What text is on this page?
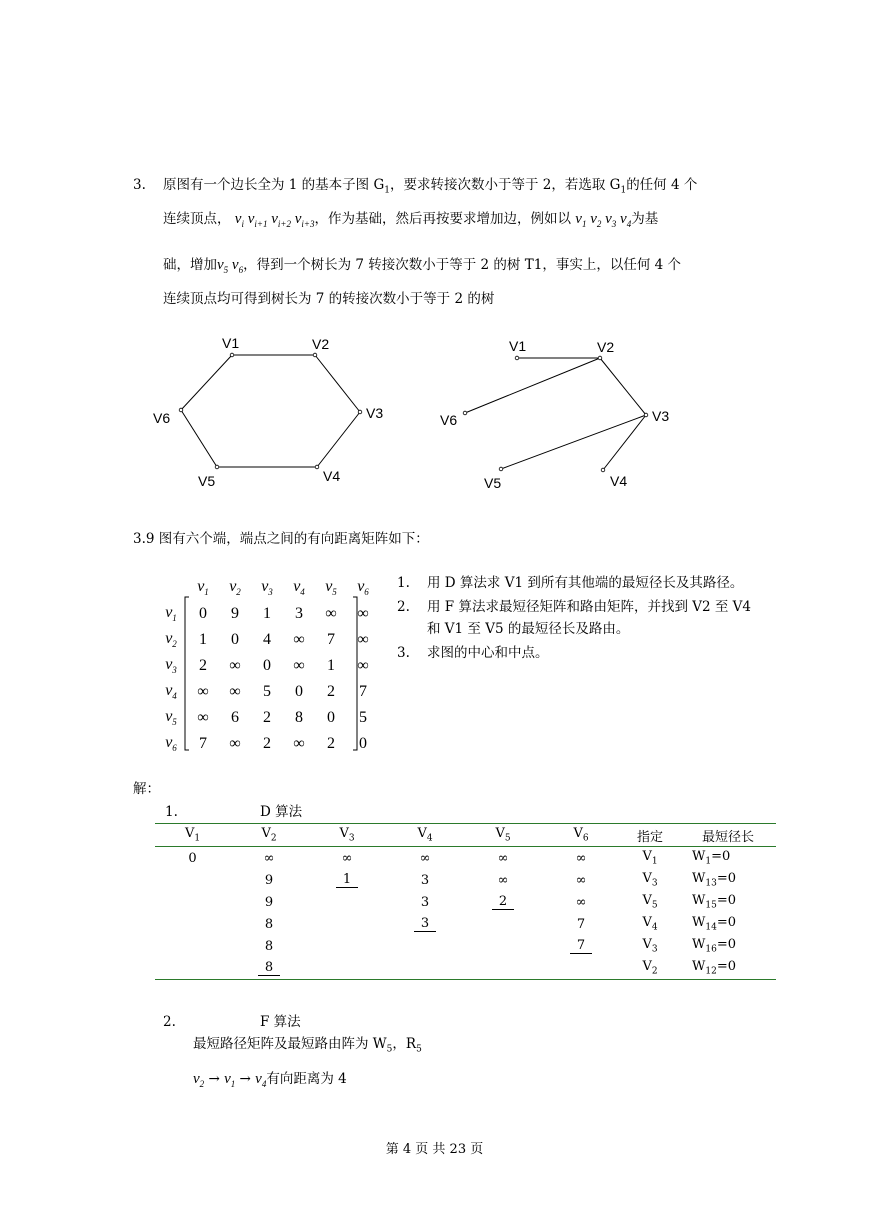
3. 原图有一个边长全为 1 的基本子图 $G_1$，要求转接次数小于等于 2，若选取 $G_1$的任何 4 个
连续顶点， $v_i$ $v_{i+1}$ $v_{i+2}$ $v_{i+3}$，作为基础，然后再按要求增加边，例如以 $v_1$ $v_2$ $v_3$ $v_4$为基
础，增加$v_5$ $v_6$，得到一个树长为 7 转接次数小于等于 2 的树 T1，事实上，以任何 4 个
连续顶点均可得到树长为 7 的转接次数小于等于 2 的树
V1	V2
V3
V4
V5
V6
V1	V2
V3
V4
V5
V6
3.9 图有六个端，端点之间的有向距离矩阵如下：
	$v_1$	$v_2$	$v_3$	$v_4$	$v_5$	$v_6$
$v_1$	0	9	1	3	∞	∞
$v_2$	1	0	4	∞	7	∞
$v_3$	2	∞	0	∞	1	∞
$v_4$	∞	∞	5	0	2	7
$v_5$	∞	6	2	8	0	5
$v_6$	7	∞	2	∞	2	0
1. 用 D 算法求 V1 到所有其他端的最短径长及其路径。
2. 用 F 算法求最短径矩阵和路由矩阵，并找到 V2 至 V4
和 V1 至 V5 的最短径长及路由。
3. 求图的中心和中点。
解：
1.	D 算法
$V_1$	$V_2$	$V_3$	$V_4$	$V_5$	$V_6$	指定	最短径长
0	∞	∞	∞	∞	∞	$V_1$	$W_1=0$
	9	1	3	∞	∞	$V_3$	$W_{13}=0$
	9		3	2	∞	$V_5$	$W_{15}=0$
	8		3		7	$V_4$	$W_{14}=0$
	8				7	$V_3$	$W_{16}=0$
	8					$V_2$	$W_{12}=0$
2.	F 算法
最短路径矩阵及最短路由阵为 $W_5$，$R_5$
$v_2 \to v_1 \to v_4$有向距离为 4
第 4 页 共 23 页
